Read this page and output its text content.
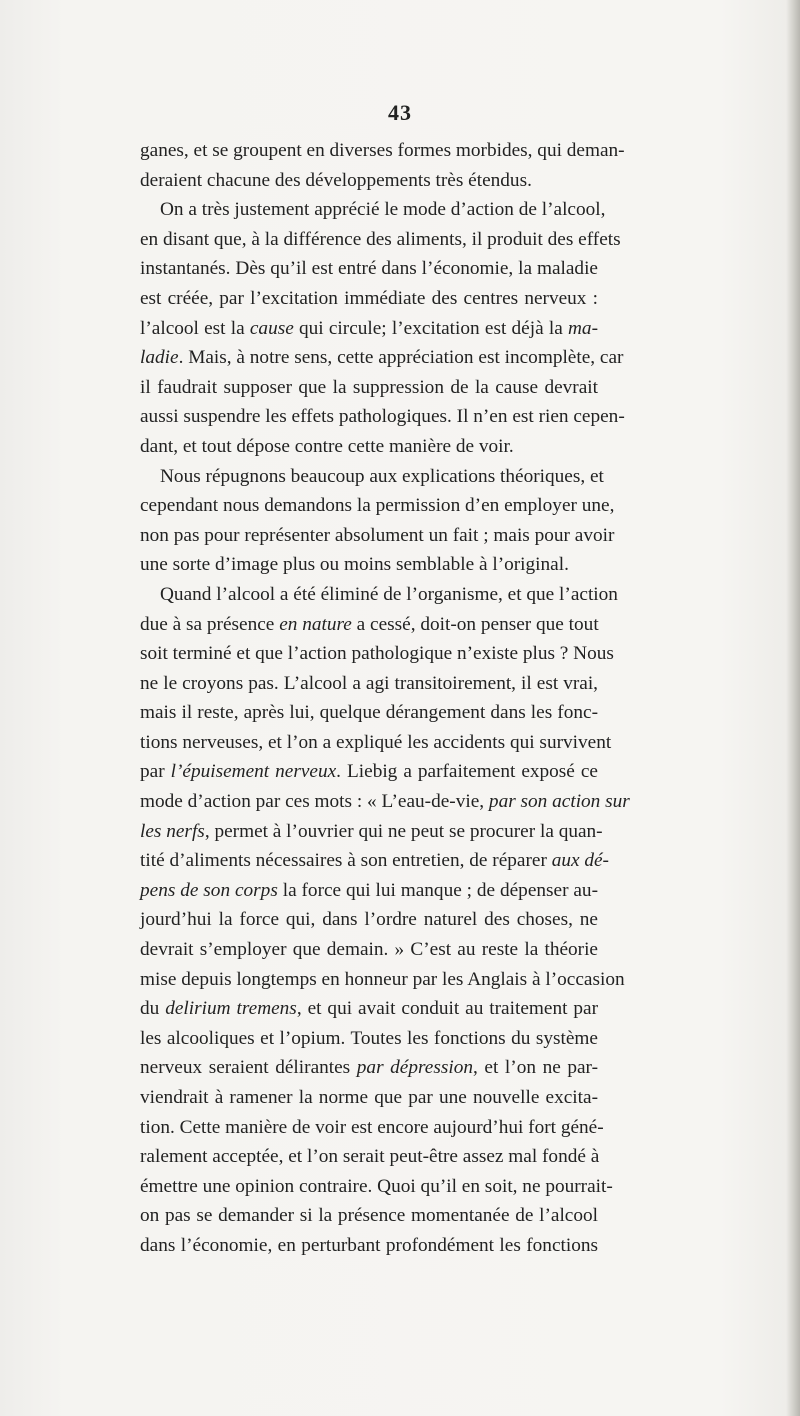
43
ganes, et se groupent en diverses formes morbides, qui deman-
deraient chacune des développements très étendus.
On a très justement apprécié le mode d’action de l’alcool,
en disant que, à la différence des aliments, il produit des effets
instantanés. Dès qu’il est entré dans l’économie, la maladie
est créée, par l’excitation immédiate des centres nerveux :
l’alcool est la cause qui circule; l’excitation est déjà la ma-
ladie. Mais, à notre sens, cette appréciation est incomplète, car
il faudrait supposer que la suppression de la cause devrait
aussi suspendre les effets pathologiques. Il n’en est rien cepen-
dant, et tout dépose contre cette manière de voir.
Nous répugnons beaucoup aux explications théoriques, et
cependant nous demandons la permission d’en employer une,
non pas pour représenter absolument un fait ; mais pour avoir
une sorte d’image plus ou moins semblable à l’original.
Quand l’alcool a été éliminé de l’organisme, et que l’action
due à sa présence en nature a cessé, doit-on penser que tout
soit terminé et que l’action pathologique n’existe plus ? Nous
ne le croyons pas. L’alcool a agi transitoirement, il est vrai,
mais il reste, après lui, quelque dérangement dans les fonc-
tions nerveuses, et l’on a expliqué les accidents qui survivent
par l’épuisement nerveux. Liebig a parfaitement exposé ce
mode d’action par ces mots : « L’eau-de-vie, par son action sur
les nerfs, permet à l’ouvrier qui ne peut se procurer la quan-
tité d’aliments nécessaires à son entretien, de réparer aux dé-
pens de son corps la force qui lui manque ; de dépenser au-
jourd’hui la force qui, dans l’ordre naturel des choses, ne
devrait s’employer que demain. » C’est au reste la théorie
mise depuis longtemps en honneur par les Anglais à l’occasion
du delirium tremens, et qui avait conduit au traitement par
les alcooliques et l’opium. Toutes les fonctions du système
nerveux seraient délirantes par dépression, et l’on ne par-
viendrait à ramener la norme que par une nouvelle excita-
tion. Cette manière de voir est encore aujourd’hui fort géné-
ralement acceptée, et l’on serait peut-être assez mal fondé à
émettre une opinion contraire. Quoi qu’il en soit, ne pourrait-
on pas se demander si la présence momentanée de l’alcool
dans l’économie, en perturbant profondément les fonctions
